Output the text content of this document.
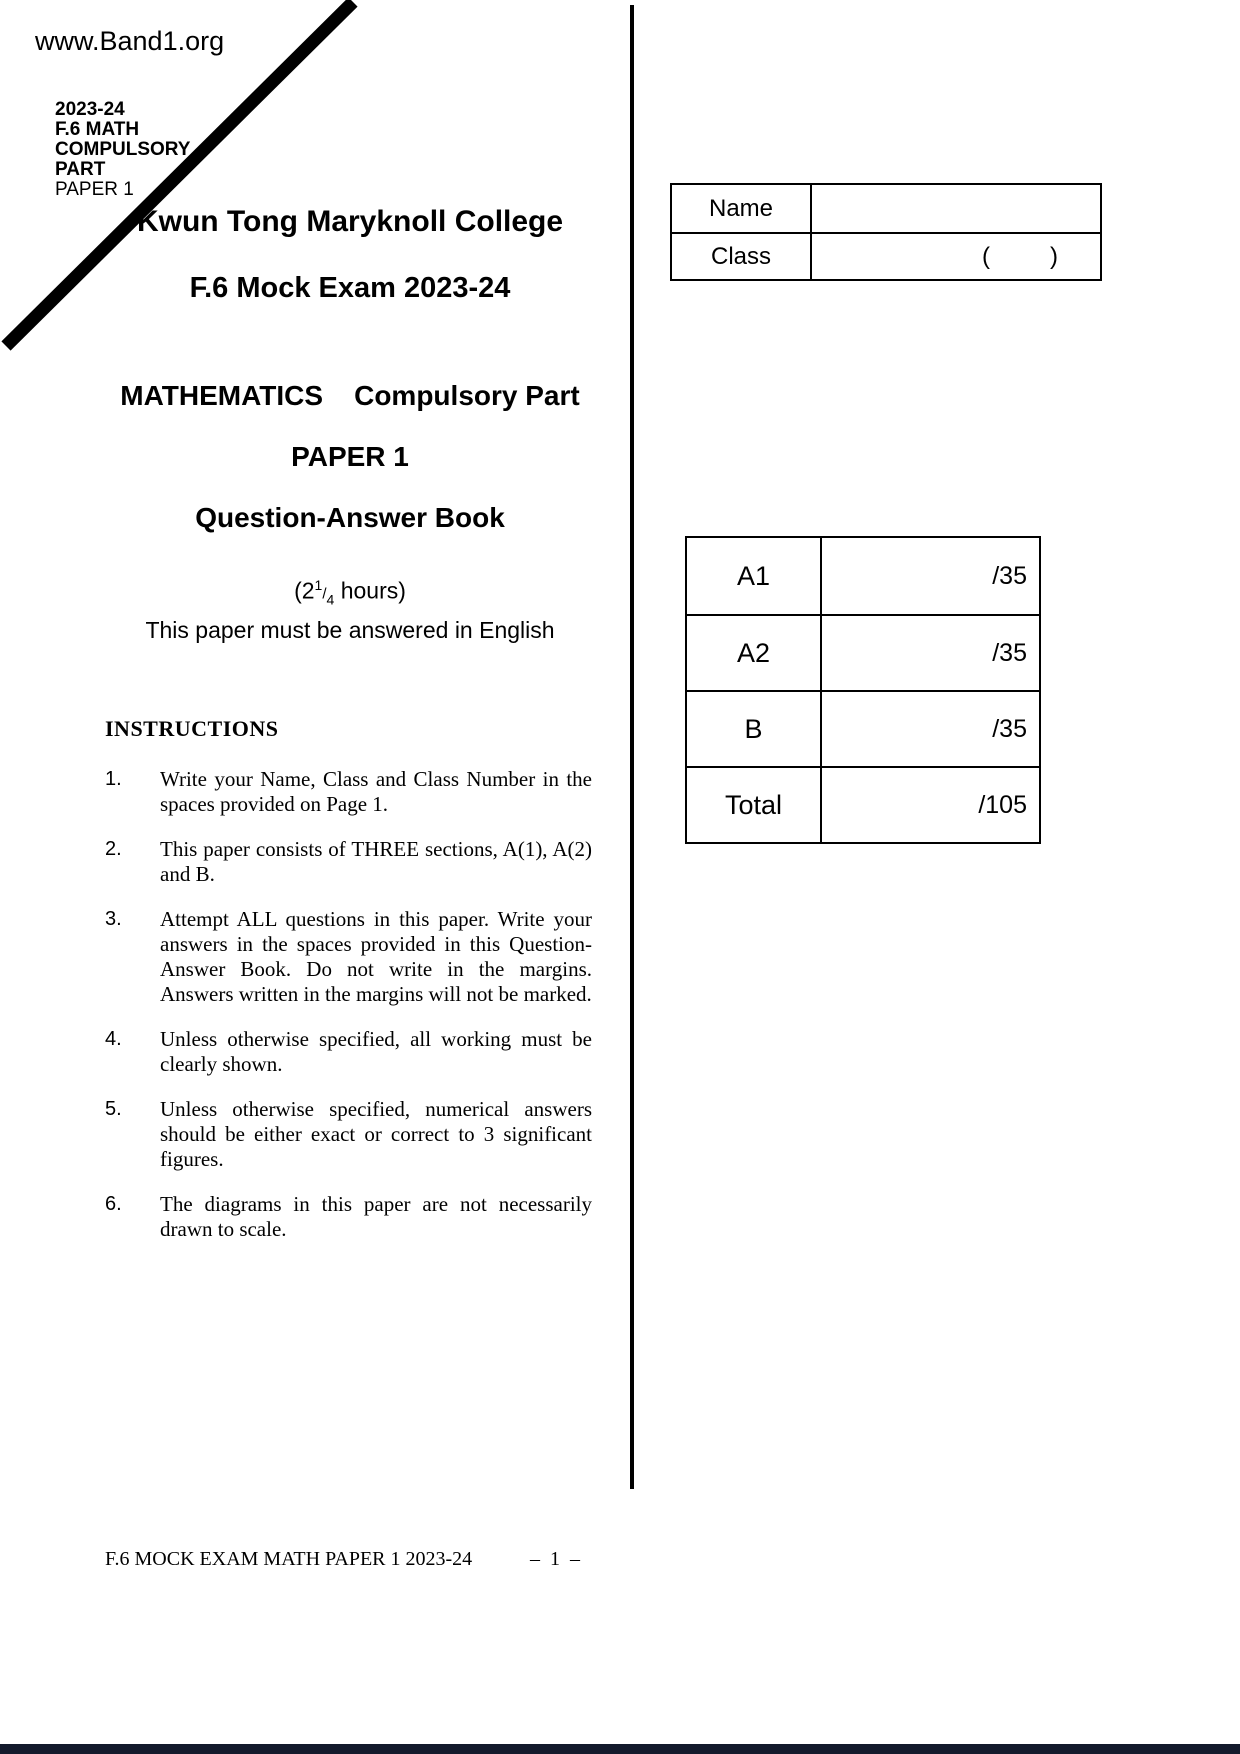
www.Band1.org
2023-24
F.6 MATH
COMPULSORY
PART
PAPER 1
Kwun Tong Maryknoll College
F.6 Mock Exam 2023-24
MATHEMATICS    Compulsory Part
PAPER 1
Question-Answer Book
($2^1/_4$ hours)
This paper must be answered in English
Name
Class	(         )
A1	/35
A2	/35
B	/35
Total	/105
INSTRUCTIONS
1.	Write your Name, Class and Class Number in the spaces provided on Page 1.
2.	This paper consists of THREE sections, A(1), A(2) and B.
3.	Attempt ALL questions in this paper. Write your answers in the spaces provided in this Question-Answer Book. Do not write in the margins. Answers written in the margins will not be marked.
4.	Unless otherwise specified, all working must be clearly shown.
5.	Unless otherwise specified, numerical answers should be either exact or correct to 3 significant figures.
6.	The diagrams in this paper are not necessarily drawn to scale.
F.6 MOCK EXAM MATH PAPER 1 2023-24	–  1  –
